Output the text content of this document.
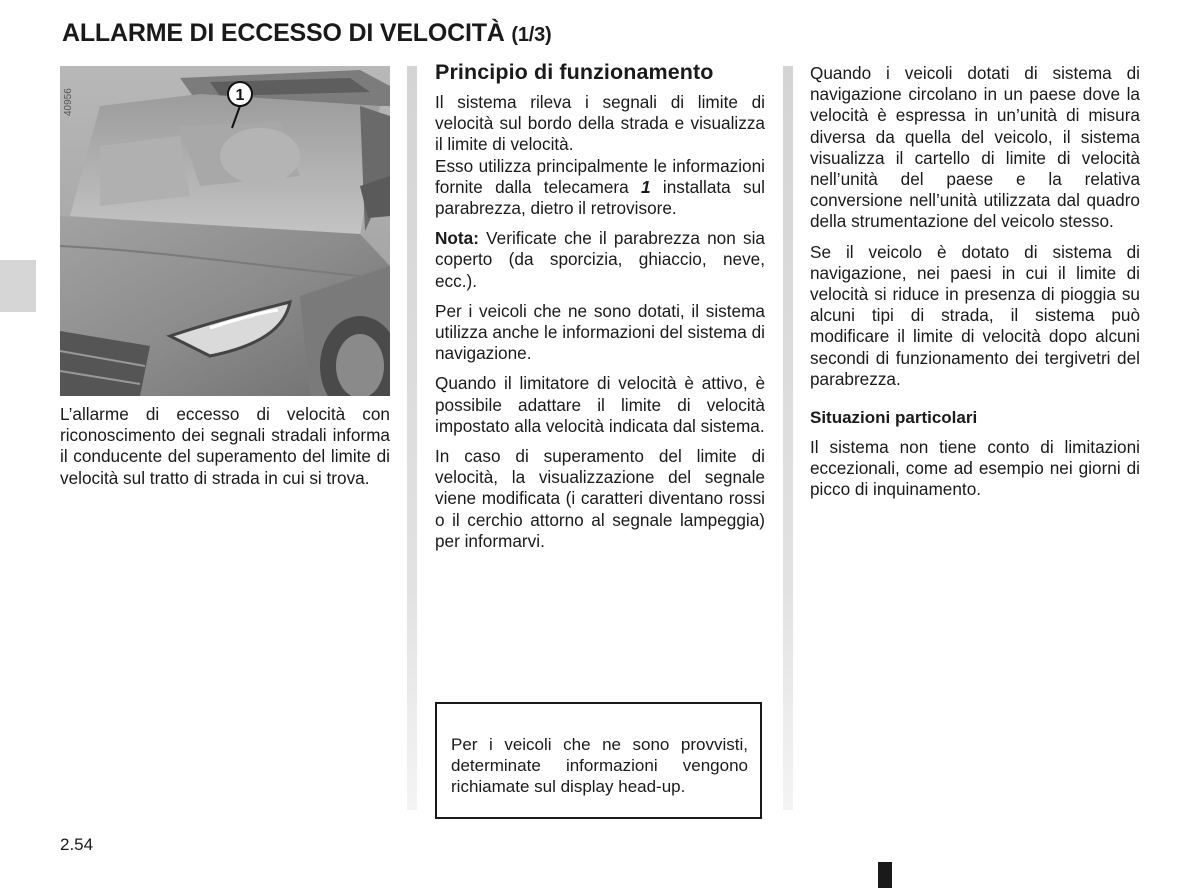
ALLARME DI ECCESSO DI VELOCITÀ (1/3)
1
40956

L’allarme di eccesso di velocità con riconoscimento dei segnali stradali informa il conducente del superamento del limite di velocità sul tratto di strada in cui si trova.

Principio di funzionamento

Il sistema rileva i segnali di limite di velocità sul bordo della strada e visualizza il limite di velocità.
Esso utilizza principalmente le informazioni fornite dalla telecamera 1 installata sul parabrezza, dietro il retrovisore.

Nota: Verificate che il parabrezza non sia coperto (da sporcizia, ghiaccio, neve, ecc.).

Per i veicoli che ne sono dotati, il sistema utilizza anche le informazioni del sistema di navigazione.

Quando il limitatore di velocità è attivo, è possibile adattare il limite di velocità impostato alla velocità indicata dal sistema.

In caso di superamento del limite di velocità, la visualizzazione del segnale viene modificata (i caratteri diventano rossi o il cerchio attorno al segnale lampeggia) per informarvi.

Per i veicoli che ne sono provvisti, determinate informazioni vengono richiamate sul display head-up.

Quando i veicoli dotati di sistema di navigazione circolano in un paese dove la velocità è espressa in un’unità di misura diversa da quella del veicolo, il sistema visualizza il cartello di limite di velocità nell’unità del paese e la relativa conversione nell’unità utilizzata dal quadro della strumentazione del veicolo stesso.

Se il veicolo è dotato di sistema di navigazione, nei paesi in cui il limite di velocità si riduce in presenza di pioggia su alcuni tipi di strada, il sistema può modificare il limite di velocità dopo alcuni secondi di funzionamento dei tergivetri del parabrezza.

Situazioni particolari

Il sistema non tiene conto di limitazioni eccezionali, come ad esempio nei giorni di picco di inquinamento.

2.54
